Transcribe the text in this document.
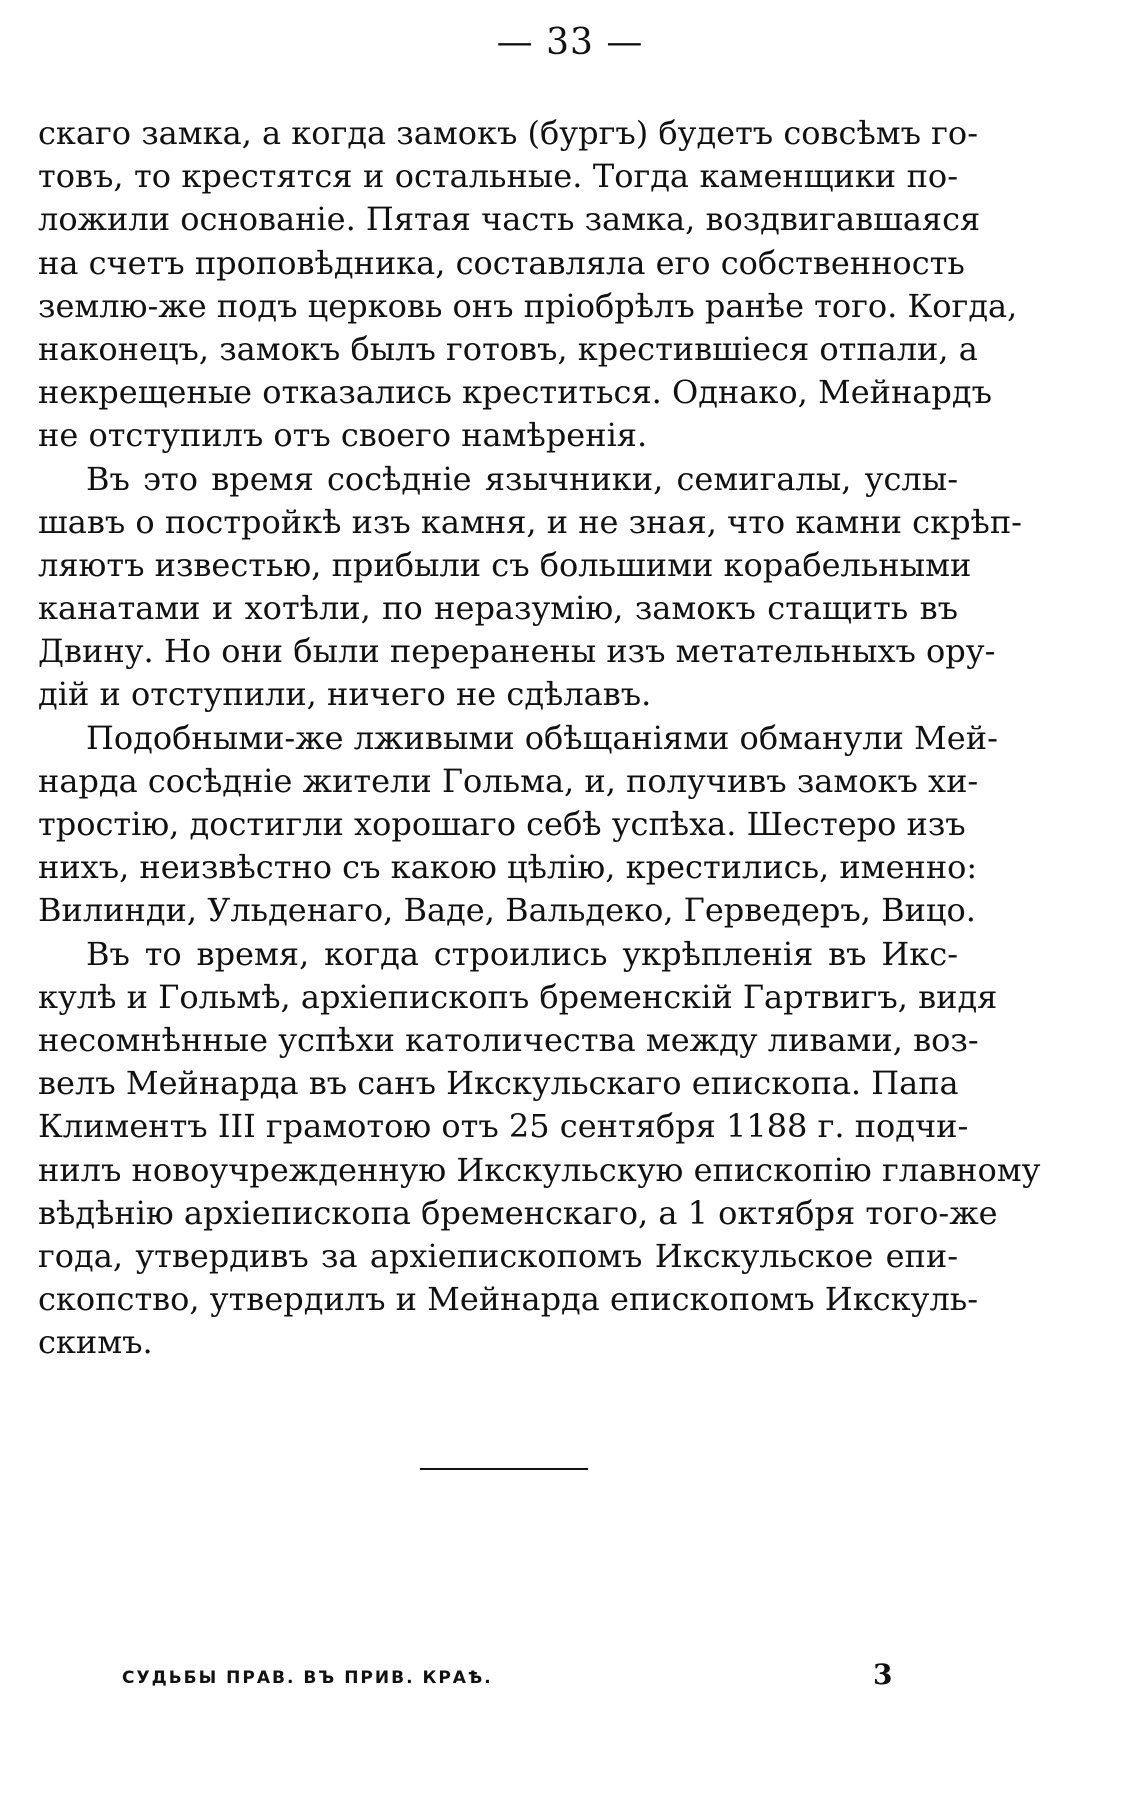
— 33 —
скаго замка, а когда замокъ (бургъ) будетъ совсѣмъ го-
товъ, то крестятся и остальные. Тогда каменщики по-
ложили основанiе. Пятая часть замка, воздвигавшаяся
на счетъ проповѣдника, составляла его собственность
землю-же подъ церковь онъ прiобрѣлъ ранѣе того. Когда,
наконецъ, замокъ былъ готовъ, крестившiеся отпали, а
некрещеные отказались креститься. Однако, Мейнардъ
не отступилъ отъ своего намѣренiя.
Въ это время сосѣднiе язычники, семигалы, услы-
шавъ о постройкѣ изъ камня, и не зная, что камни скрѣп-
ляютъ известью, прибыли съ большими корабельными
канатами и хотѣли, по неразумiю, замокъ стащить въ
Двину. Но они были переранены изъ метательныхъ ору-
дiй и отступили, ничего не сдѣлавъ.
Подобными-же лживыми обѣщанiями обманули Мей-
нарда сосѣднiе жители Гольма, и, получивъ замокъ хи-
тростiю, достигли хорошаго себѣ успѣха. Шестеро изъ
нихъ, неизвѣстно съ какою цѣлiю, крестились, именно:
Вилинди, Ульденаго, Ваде, Вальдеко, Герведеръ, Вицо.
Въ то время, когда строились укрѣпленiя въ Икс-
кулѣ и Гольмѣ, архiепископъ бременскiй Гартвигъ, видя
несомнѣнные успѣхи католичества между ливами, воз-
велъ Мейнарда въ санъ Икскульскаго епископа. Папа
Климентъ III грамотою отъ 25 сентября 1188 г. подчи-
нилъ новоучрежденную Икскульскую епископiю главному
вѣдѣнiю архiепископа бременскаго, а 1 октября того-же
года, утвердивъ за архiепископомъ Икскульское епи-
скопство, утвердилъ и Мейнарда епископомъ Икскуль-
скимъ.
СУДЬБЫ ПРАВ. ВЪ ПРИВ. КРАѢ.	3
